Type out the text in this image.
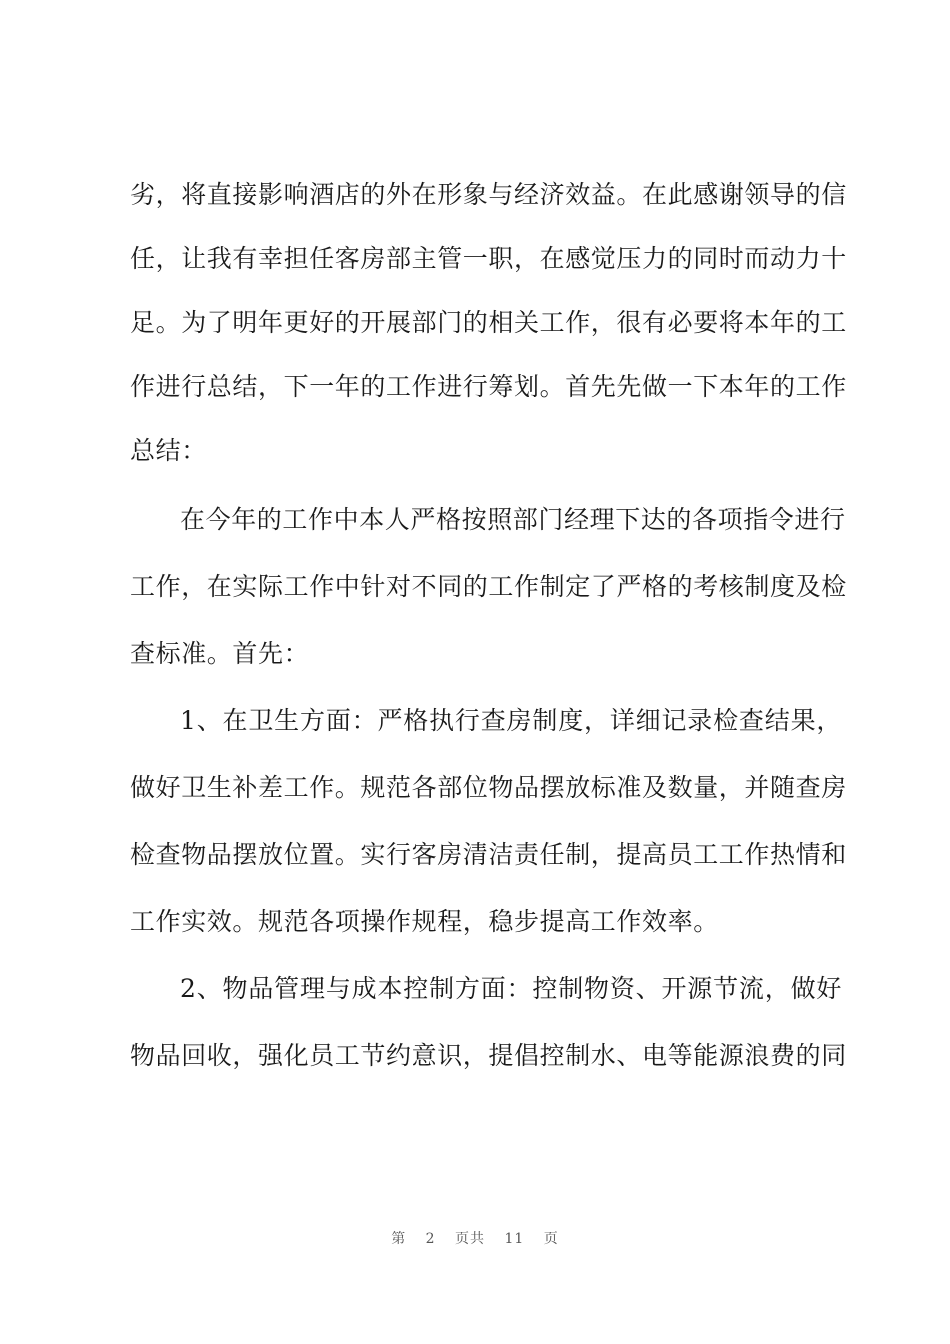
劣，将直接影响酒店的外在形象与经济效益。在此感谢领导的信
任，让我有幸担任客房部主管一职，在感觉压力的同时而动力十
足。为了明年更好的开展部门的相关工作，很有必要将本年的工
作进行总结，下一年的工作进行筹划。首先先做一下本年的工作
总结：
在今年的工作中本人严格按照部门经理下达的各项指令进行
工作，在实际工作中针对不同的工作制定了严格的考核制度及检
查标准。首先：
1、在卫生方面：严格执行查房制度，详细记录检查结果，
做好卫生补差工作。规范各部位物品摆放标准及数量，并随查房
检查物品摆放位置。实行客房清洁责任制，提高员工工作热情和
工作实效。规范各项操作规程，稳步提高工作效率。
2、物品管理与成本控制方面：控制物资、开源节流，做好
物品回收，强化员工节约意识，提倡控制水、电等能源浪费的同
第 2 页共 11 页
